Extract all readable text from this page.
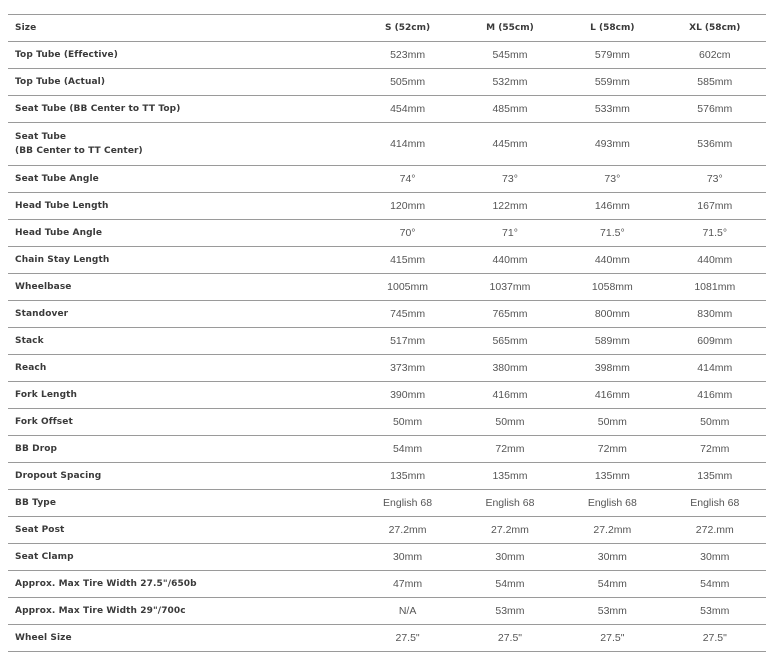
Size	S (52cm)	M (55cm)	L (58cm)	XL (58cm)
Top Tube (Effective)	523mm	545mm	579mm	602cm
Top Tube (Actual)	505mm	532mm	559mm	585mm
Seat Tube (BB Center to TT Top)	454mm	485mm	533mm	576mm
Seat Tube
(BB Center to TT Center)	414mm	445mm	493mm	536mm
Seat Tube Angle	74°	73°	73°	73°
Head Tube Length	120mm	122mm	146mm	167mm
Head Tube Angle	70°	71°	71.5°	71.5°
Chain Stay Length	415mm	440mm	440mm	440mm
Wheelbase	1005mm	1037mm	1058mm	1081mm
Standover	745mm	765mm	800mm	830mm
Stack	517mm	565mm	589mm	609mm
Reach	373mm	380mm	398mm	414mm
Fork Length	390mm	416mm	416mm	416mm
Fork Offset	50mm	50mm	50mm	50mm
BB Drop	54mm	72mm	72mm	72mm
Dropout Spacing	135mm	135mm	135mm	135mm
BB Type	English 68	English 68	English 68	English 68
Seat Post	27.2mm	27.2mm	27.2mm	272.mm
Seat Clamp	30mm	30mm	30mm	30mm
Approx. Max Tire Width 27.5"/650b	47mm	54mm	54mm	54mm
Approx. Max Tire Width 29"/700c	N/A	53mm	53mm	53mm
Wheel Size	27.5"	27.5"	27.5"	27.5"
